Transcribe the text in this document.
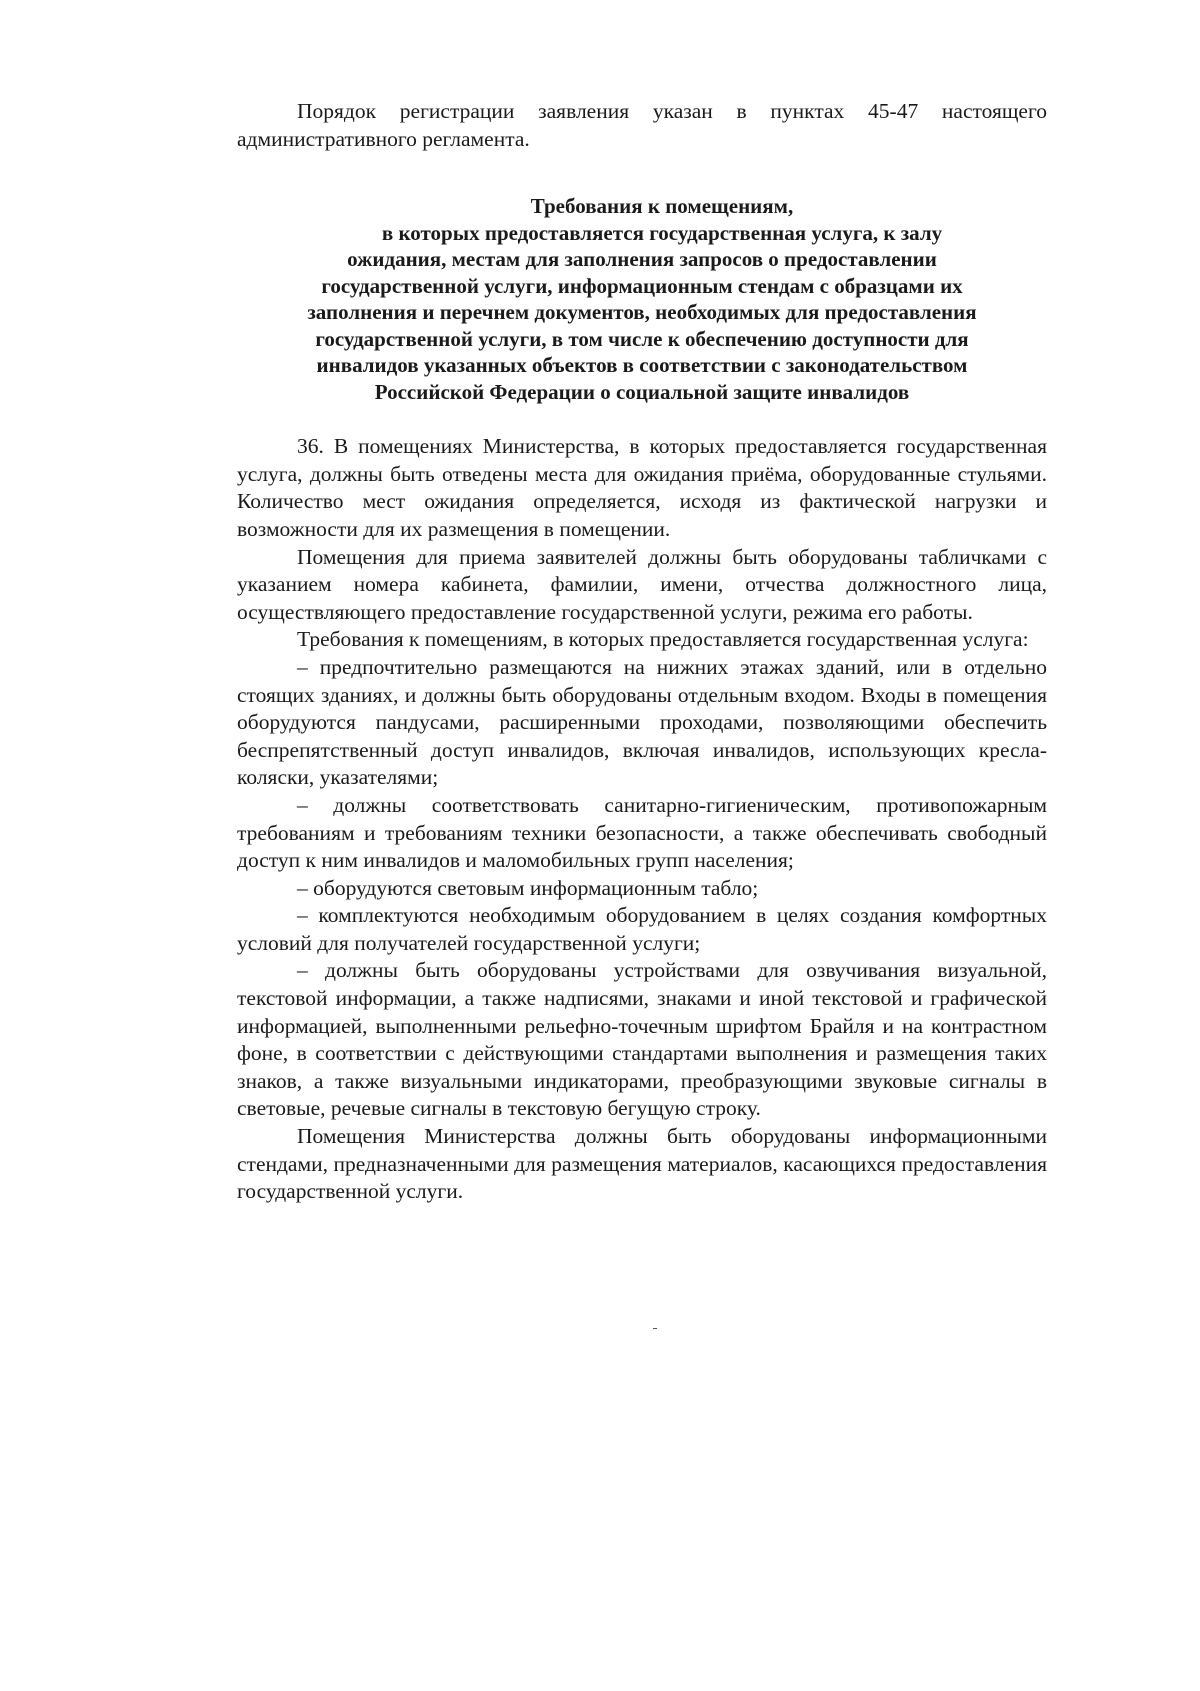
Порядок регистрации заявления указан в пунктах 45-47 настоящего административного регламента.

Требования к помещениям,
в которых предоставляется государственная услуга, к залу
ожидания, местам для заполнения запросов о предоставлении
государственной услуги, информационным стендам с образцами их
заполнения и перечнем документов, необходимых для предоставления
государственной услуги, в том числе к обеспечению доступности для
инвалидов указанных объектов в соответствии с законодательством
Российской Федерации о социальной защите инвалидов

36. В помещениях Министерства, в которых предоставляется государственная услуга, должны быть отведены места для ожидания приёма, оборудованные стульями. Количество мест ожидания определяется, исходя из фактической нагрузки и возможности для их размещения в помещении.

Помещения для приема заявителей должны быть оборудованы табличками с указанием номера кабинета, фамилии, имени, отчества должностного лица, осуществляющего предоставление государственной услуги, режима его работы.

Требования к помещениям, в которых предоставляется государственная услуга:

– предпочтительно размещаются на нижних этажах зданий, или в отдельно стоящих зданиях, и должны быть оборудованы отдельным входом. Входы в помещения оборудуются пандусами, расширенными проходами, позволяющими обеспечить беспрепятственный доступ инвалидов, включая инвалидов, использующих кресла-коляски, указателями;

– должны соответствовать санитарно-гигиеническим, противопожарным требованиям и требованиям техники безопасности, а также обеспечивать свободный доступ к ним инвалидов и маломобильных групп населения;

– оборудуются световым информационным табло;

– комплектуются необходимым оборудованием в целях создания комфортных условий для получателей государственной услуги;

– должны быть оборудованы устройствами для озвучивания визуальной, текстовой информации, а также надписями, знаками и иной текстовой и графической информацией, выполненными рельефно-точечным шрифтом Брайля и на контрастном фоне, в соответствии с действующими стандартами выполнения и размещения таких знаков, а также визуальными индикаторами, преобразующими звуковые сигналы в световые, речевые сигналы в текстовую бегущую строку.

Помещения Министерства должны быть оборудованы информационными стендами, предназначенными для размещения материалов, касающихся предоставления государственной услуги.
